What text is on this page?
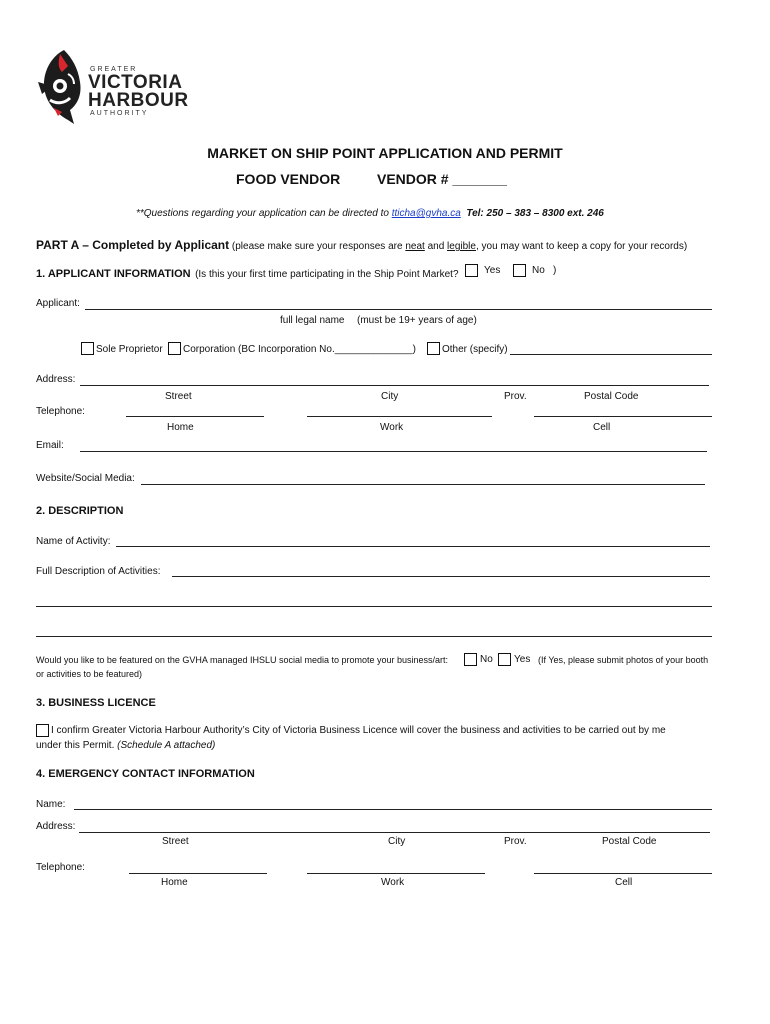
GREATER
VICTORIA
HARBOUR
AUTHORITY
MARKET ON SHIP POINT APPLICATION AND PERMIT
FOOD VENDOR	VENDOR # _______
**Questions regarding your application can be directed to tticha@gvha.ca Tel: 250 – 383 – 8300 ext. 246
PART A – Completed by Applicant (please make sure your responses are neat and legible, you may want to keep a copy for your records)
1. APPLICANT INFORMATION (Is this your first time participating in the Ship Point Market?	Yes	No )
Applicant:
full legal name (must be 19+ years of age)
Sole Proprietor Corporation (BC Incorporation No.______________)	Other (specify)
Address:
Street	City	Prov.	Postal Code
Telephone:
Home	Work	Cell
Email:
Website/Social Media:
2. DESCRIPTION
Name of Activity:
Full Description of Activities:
Would you like to be featured on the GVHA managed IHSLU social media to promote your business/art:	No Yes (If Yes, please submit photos of your booth
or activities to be featured)
3. BUSINESS LICENCE
I confirm Greater Victoria Harbour Authority’s City of Victoria Business Licence will cover the business and activities to be carried out by me
under this Permit. (Schedule A attached)
4. EMERGENCY CONTACT INFORMATION
Name:
Address:
Street	City	Prov.	Postal Code
Telephone:
Home	Work	Cell
